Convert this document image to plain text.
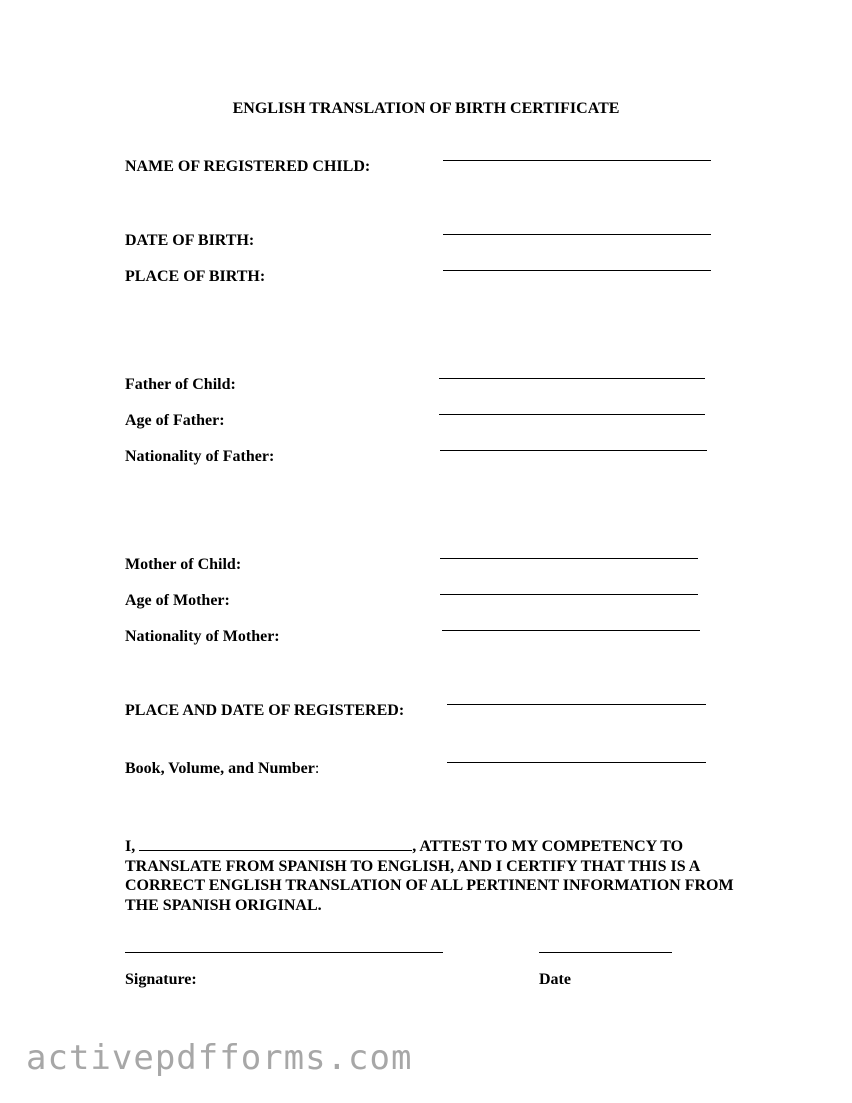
ENGLISH TRANSLATION OF BIRTH CERTIFICATE
NAME OF REGISTERED CHILD:
DATE OF BIRTH:
PLACE OF BIRTH:
Father of Child:
Age of Father:
Nationality of Father:
Mother of Child:
Age of Mother:
Nationality of Mother:
PLACE AND DATE OF REGISTERED:
Book, Volume, and Number:
I,	, ATTEST TO MY COMPETENCY TO TRANSLATE FROM SPANISH TO ENGLISH, AND I CERTIFY THAT THIS IS A CORRECT ENGLISH TRANSLATION OF ALL PERTINENT INFORMATION FROM THE SPANISH ORIGINAL.
Signature:	Date
activepdfforms.com
